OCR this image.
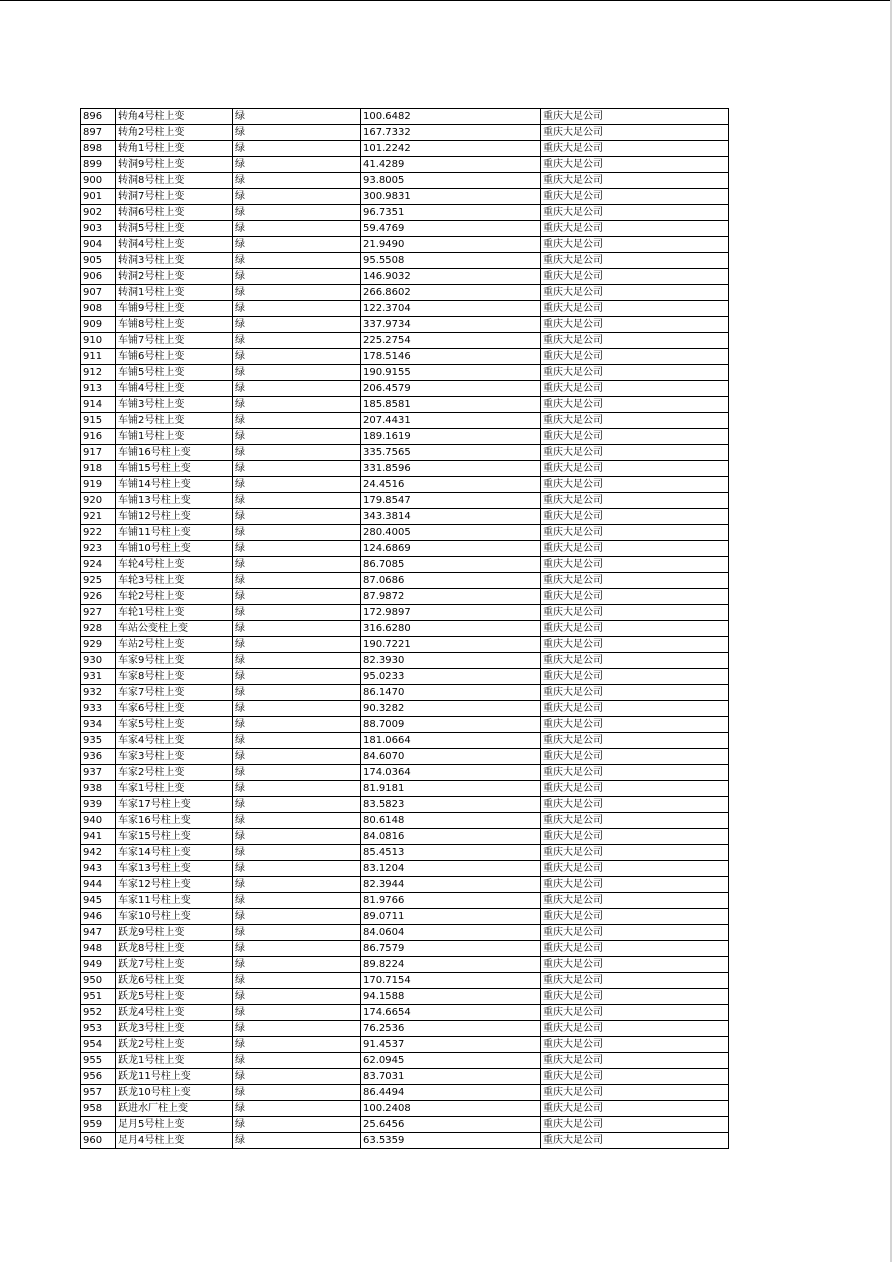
896	转角4号柱上变	绿	100.6482	重庆大足公司
897	转角2号柱上变	绿	167.7332	重庆大足公司
898	转角1号柱上变	绿	101.2242	重庆大足公司
899	转洞9号柱上变	绿	41.4289	重庆大足公司
900	转洞8号柱上变	绿	93.8005	重庆大足公司
901	转洞7号柱上变	绿	300.9831	重庆大足公司
902	转洞6号柱上变	绿	96.7351	重庆大足公司
903	转洞5号柱上变	绿	59.4769	重庆大足公司
904	转洞4号柱上变	绿	21.9490	重庆大足公司
905	转洞3号柱上变	绿	95.5508	重庆大足公司
906	转洞2号柱上变	绿	146.9032	重庆大足公司
907	转洞1号柱上变	绿	266.8602	重庆大足公司
908	车铺9号柱上变	绿	122.3704	重庆大足公司
909	车铺8号柱上变	绿	337.9734	重庆大足公司
910	车铺7号柱上变	绿	225.2754	重庆大足公司
911	车铺6号柱上变	绿	178.5146	重庆大足公司
912	车铺5号柱上变	绿	190.9155	重庆大足公司
913	车铺4号柱上变	绿	206.4579	重庆大足公司
914	车铺3号柱上变	绿	185.8581	重庆大足公司
915	车铺2号柱上变	绿	207.4431	重庆大足公司
916	车铺1号柱上变	绿	189.1619	重庆大足公司
917	车铺16号柱上变	绿	335.7565	重庆大足公司
918	车铺15号柱上变	绿	331.8596	重庆大足公司
919	车铺14号柱上变	绿	24.4516	重庆大足公司
920	车铺13号柱上变	绿	179.8547	重庆大足公司
921	车铺12号柱上变	绿	343.3814	重庆大足公司
922	车铺11号柱上变	绿	280.4005	重庆大足公司
923	车铺10号柱上变	绿	124.6869	重庆大足公司
924	车轮4号柱上变	绿	86.7085	重庆大足公司
925	车轮3号柱上变	绿	87.0686	重庆大足公司
926	车轮2号柱上变	绿	87.9872	重庆大足公司
927	车轮1号柱上变	绿	172.9897	重庆大足公司
928	车站公变柱上变	绿	316.6280	重庆大足公司
929	车站2号柱上变	绿	190.7221	重庆大足公司
930	车家9号柱上变	绿	82.3930	重庆大足公司
931	车家8号柱上变	绿	95.0233	重庆大足公司
932	车家7号柱上变	绿	86.1470	重庆大足公司
933	车家6号柱上变	绿	90.3282	重庆大足公司
934	车家5号柱上变	绿	88.7009	重庆大足公司
935	车家4号柱上变	绿	181.0664	重庆大足公司
936	车家3号柱上变	绿	84.6070	重庆大足公司
937	车家2号柱上变	绿	174.0364	重庆大足公司
938	车家1号柱上变	绿	81.9181	重庆大足公司
939	车家17号柱上变	绿	83.5823	重庆大足公司
940	车家16号柱上变	绿	80.6148	重庆大足公司
941	车家15号柱上变	绿	84.0816	重庆大足公司
942	车家14号柱上变	绿	85.4513	重庆大足公司
943	车家13号柱上变	绿	83.1204	重庆大足公司
944	车家12号柱上变	绿	82.3944	重庆大足公司
945	车家11号柱上变	绿	81.9766	重庆大足公司
946	车家10号柱上变	绿	89.0711	重庆大足公司
947	跃龙9号柱上变	绿	84.0604	重庆大足公司
948	跃龙8号柱上变	绿	86.7579	重庆大足公司
949	跃龙7号柱上变	绿	89.8224	重庆大足公司
950	跃龙6号柱上变	绿	170.7154	重庆大足公司
951	跃龙5号柱上变	绿	94.1588	重庆大足公司
952	跃龙4号柱上变	绿	174.6654	重庆大足公司
953	跃龙3号柱上变	绿	76.2536	重庆大足公司
954	跃龙2号柱上变	绿	91.4537	重庆大足公司
955	跃龙1号柱上变	绿	62.0945	重庆大足公司
956	跃龙11号柱上变	绿	83.7031	重庆大足公司
957	跃龙10号柱上变	绿	86.4494	重庆大足公司
958	跃进水厂柱上变	绿	100.2408	重庆大足公司
959	足月5号柱上变	绿	25.6456	重庆大足公司
960	足月4号柱上变	绿	63.5359	重庆大足公司
